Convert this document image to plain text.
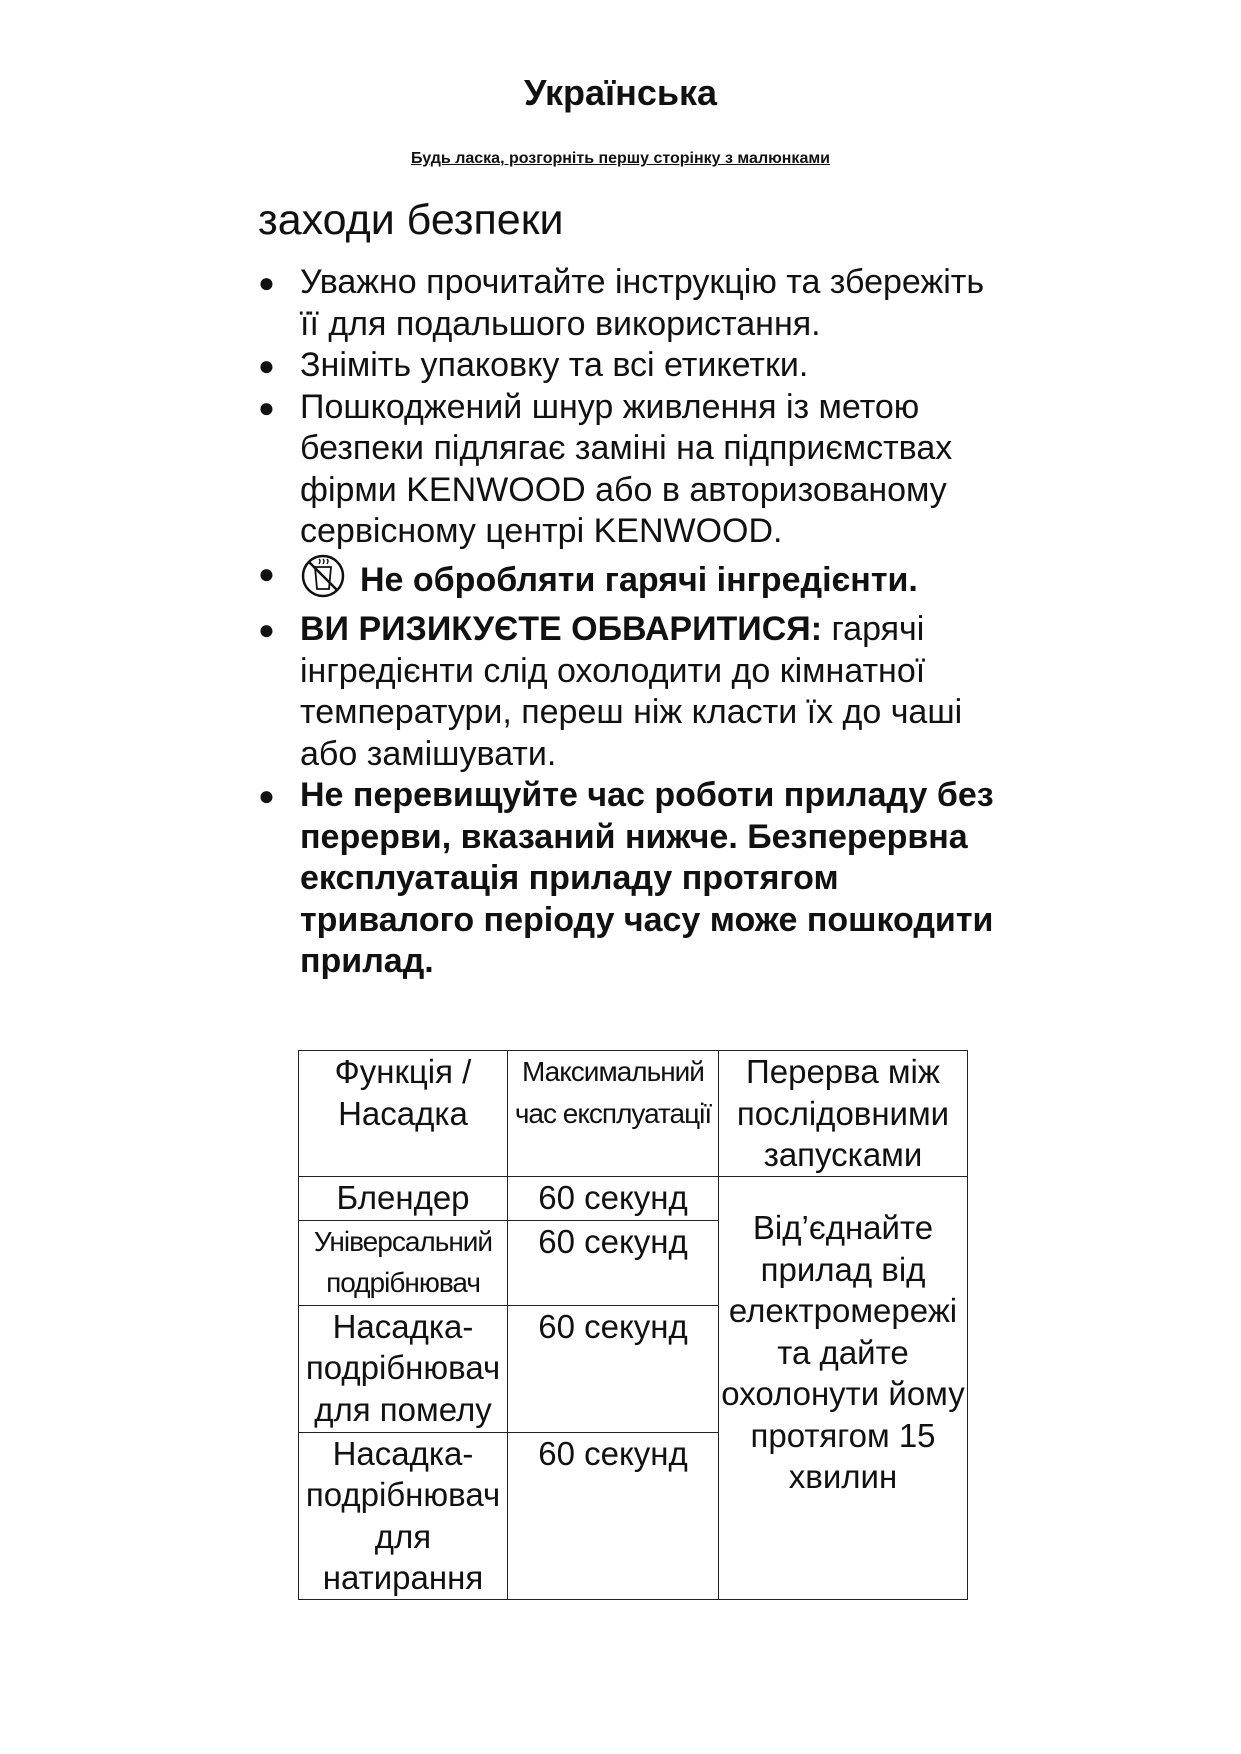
Українська
Будь ласка, розгорніть першу сторінку з малюнками
заходи безпеки
● Уважно прочитайте інструкцію та збережіть її для подальшого використання.
● Зніміть упаковку та всі етикетки.
● Пошкоджений шнур живлення із метою безпеки підлягає заміні на підприємствах фірми KENWOOD або в авторизованому сервісному центрі KENWOOD.
●	Не обробляти гарячі інгредієнти.
● ВИ РИЗИКУЄТЕ ОБВАРИТИСЯ: гарячі інгредієнти слід охолодити до кімнатної температури, переш ніж класти їх до чаші або замішувати.
● Не перевищуйте час роботи приладу без перерви, вказаний нижче. Безперервна експлуатація приладу протягом тривалого періоду часу може пошкодити прилад.
Функція / Насадка	Максимальний час експлуатації	Перерва між послідовними запусками
Блендер	60 секунд	Від’єднайте прилад від електромережі та дайте охолонути йому протягом 15 хвилин
Універсальний подрібнювач	60 секунд	
Насадка-подрібнювач для помелу	60 секунд	
Насадка-подрібнювач для натирання	60 секунд	
